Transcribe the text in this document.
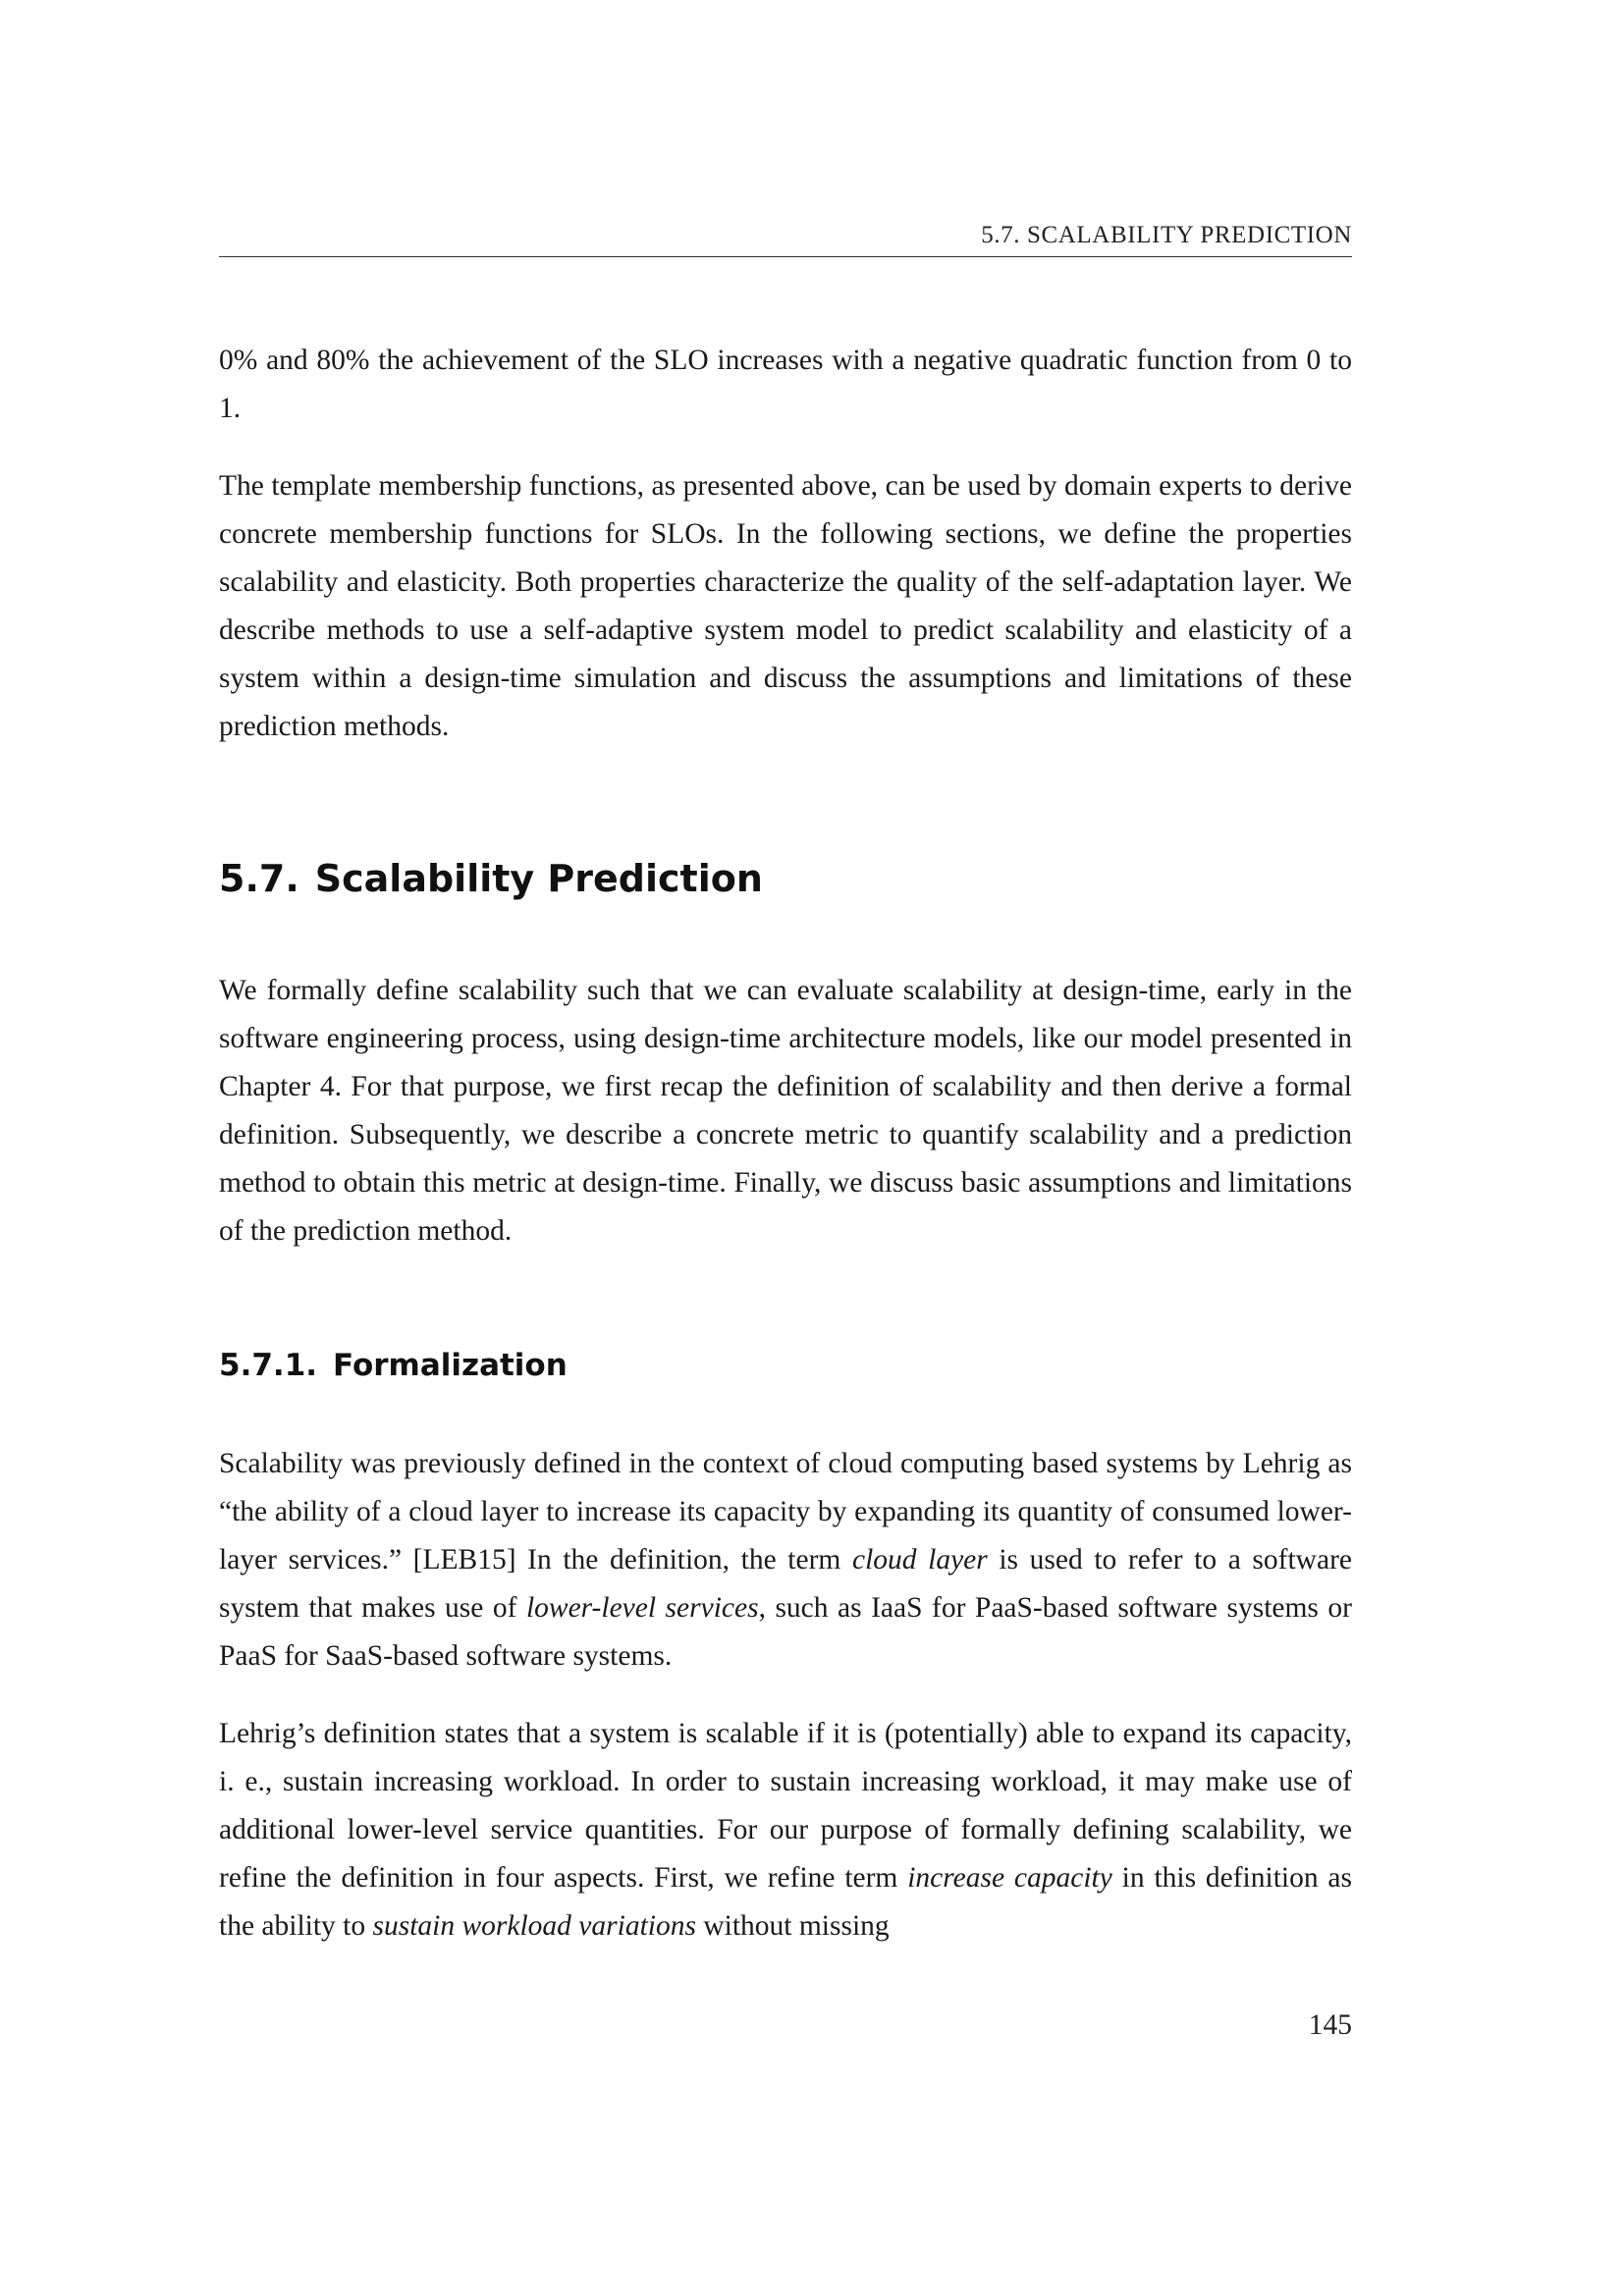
5.7. SCALABILITY PREDICTION

0% and 80% the achievement of the SLO increases with a negative quadratic function from 0 to 1.

The template membership functions, as presented above, can be used by domain experts to derive concrete membership functions for SLOs. In the following sections, we define the properties scalability and elasticity. Both properties characterize the quality of the self-adaptation layer. We describe methods to use a self-adaptive system model to predict scalability and elasticity of a system within a design-time simulation and discuss the assumptions and limitations of these prediction methods.

5.7. Scalability Prediction

We formally define scalability such that we can evaluate scalability at design-time, early in the software engineering process, using design-time architecture models, like our model presented in Chapter 4. For that purpose, we first recap the definition of scalability and then derive a formal definition. Subsequently, we describe a concrete metric to quantify scalability and a prediction method to obtain this metric at design-time. Finally, we discuss basic assumptions and limitations of the prediction method.

5.7.1. Formalization

Scalability was previously defined in the context of cloud computing based systems by Lehrig as “the ability of a cloud layer to increase its capacity by expanding its quantity of consumed lower-layer services.” [LEB15] In the definition, the term cloud layer is used to refer to a software system that makes use of lower-level services, such as IaaS for PaaS-based software systems or PaaS for SaaS-based software systems.

Lehrig’s definition states that a system is scalable if it is (potentially) able to expand its capacity, i. e., sustain increasing workload. In order to sustain increasing workload, it may make use of additional lower-level service quantities. For our purpose of formally defining scalability, we refine the definition in four aspects. First, we refine term increase capacity in this definition as the ability to sustain workload variations without missing

145
